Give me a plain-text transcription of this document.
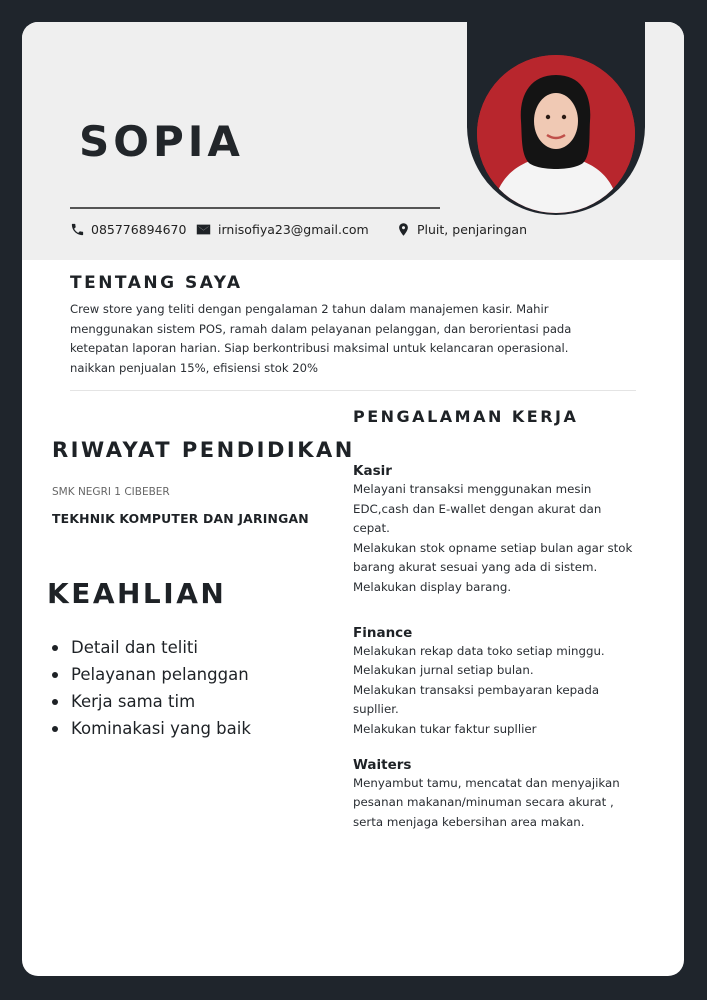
SOPIA
085776894670	irnisofiya23@gmail.com	Pluit, penjaringan
TENTANG SAYA
Crew store yang teliti dengan pengalaman 2 tahun dalam manajemen kasir. Mahir
menggunakan sistem POS, ramah dalam pelayanan pelanggan, dan berorientasi pada
ketepatan laporan harian. Siap berkontribusi maksimal untuk kelancaran operasional.
naikkan penjualan 15%, efisiensi stok 20%
RIWAYAT PENDIDIKAN
SMK NEGRI 1 CIBEBER
TEKHNIK KOMPUTER DAN JARINGAN
KEAHLIAN
Detail dan teliti
Pelayanan pelanggan
Kerja sama tim
Kominakasi yang baik
PENGALAMAN KERJA
Kasir
Melayani transaksi menggunakan mesin
EDC,cash dan E-wallet dengan akurat dan
cepat.
Melakukan stok opname setiap bulan agar stok
barang akurat sesuai yang ada di sistem.
Melakukan display barang.
Finance
Melakukan rekap data toko setiap minggu.
Melakukan jurnal setiap bulan.
Melakukan transaksi pembayaran kepada
supllier.
Melakukan tukar faktur supllier
Waiters
Menyambut tamu, mencatat dan menyajikan
pesanan makanan/minuman secara akurat ,
serta menjaga kebersihan area makan.
